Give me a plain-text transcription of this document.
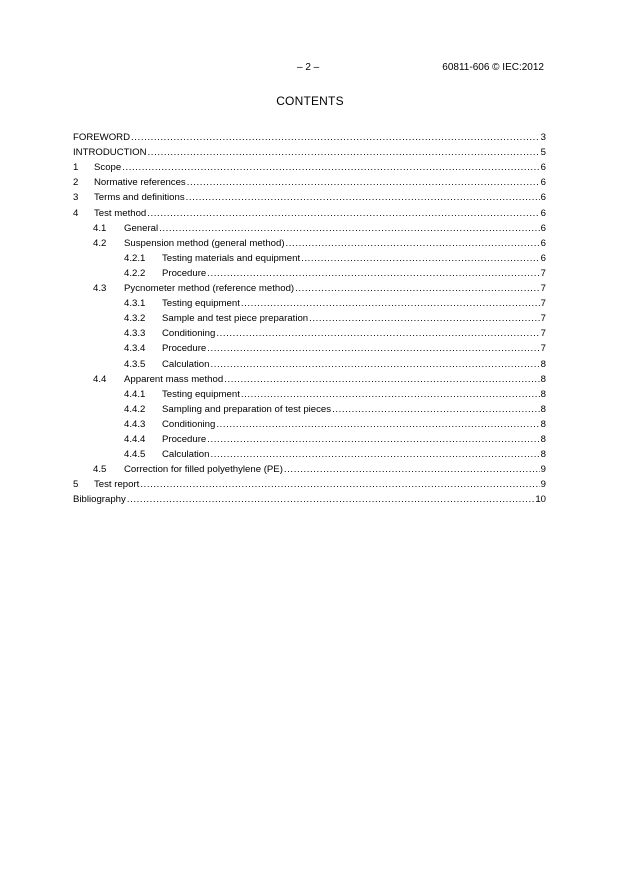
– 2 –	60811-606 © IEC:2012
CONTENTS
FOREWORD .....	3
INTRODUCTION .....	5
1	Scope .....	6
2	Normative references .....	6
3	Terms and definitions .....	6
4	Test method .....	6
4.1	General .....	6
4.2	Suspension method (general method) .....	6
4.2.1	Testing materials and equipment .....	6
4.2.2	Procedure .....	7
4.3	Pycnometer method (reference method) .....	7
4.3.1	Testing equipment .....	7
4.3.2	Sample and test piece preparation .....	7
4.3.3	Conditioning .....	7
4.3.4	Procedure .....	7
4.3.5	Calculation .....	8
4.4	Apparent mass method .....	8
4.4.1	Testing equipment .....	8
4.4.2	Sampling and preparation of test pieces .....	8
4.4.3	Conditioning .....	8
4.4.4	Procedure .....	8
4.4.5	Calculation .....	8
4.5	Correction for filled polyethylene (PE) .....	9
5	Test report .....	9
Bibliography .....	10
